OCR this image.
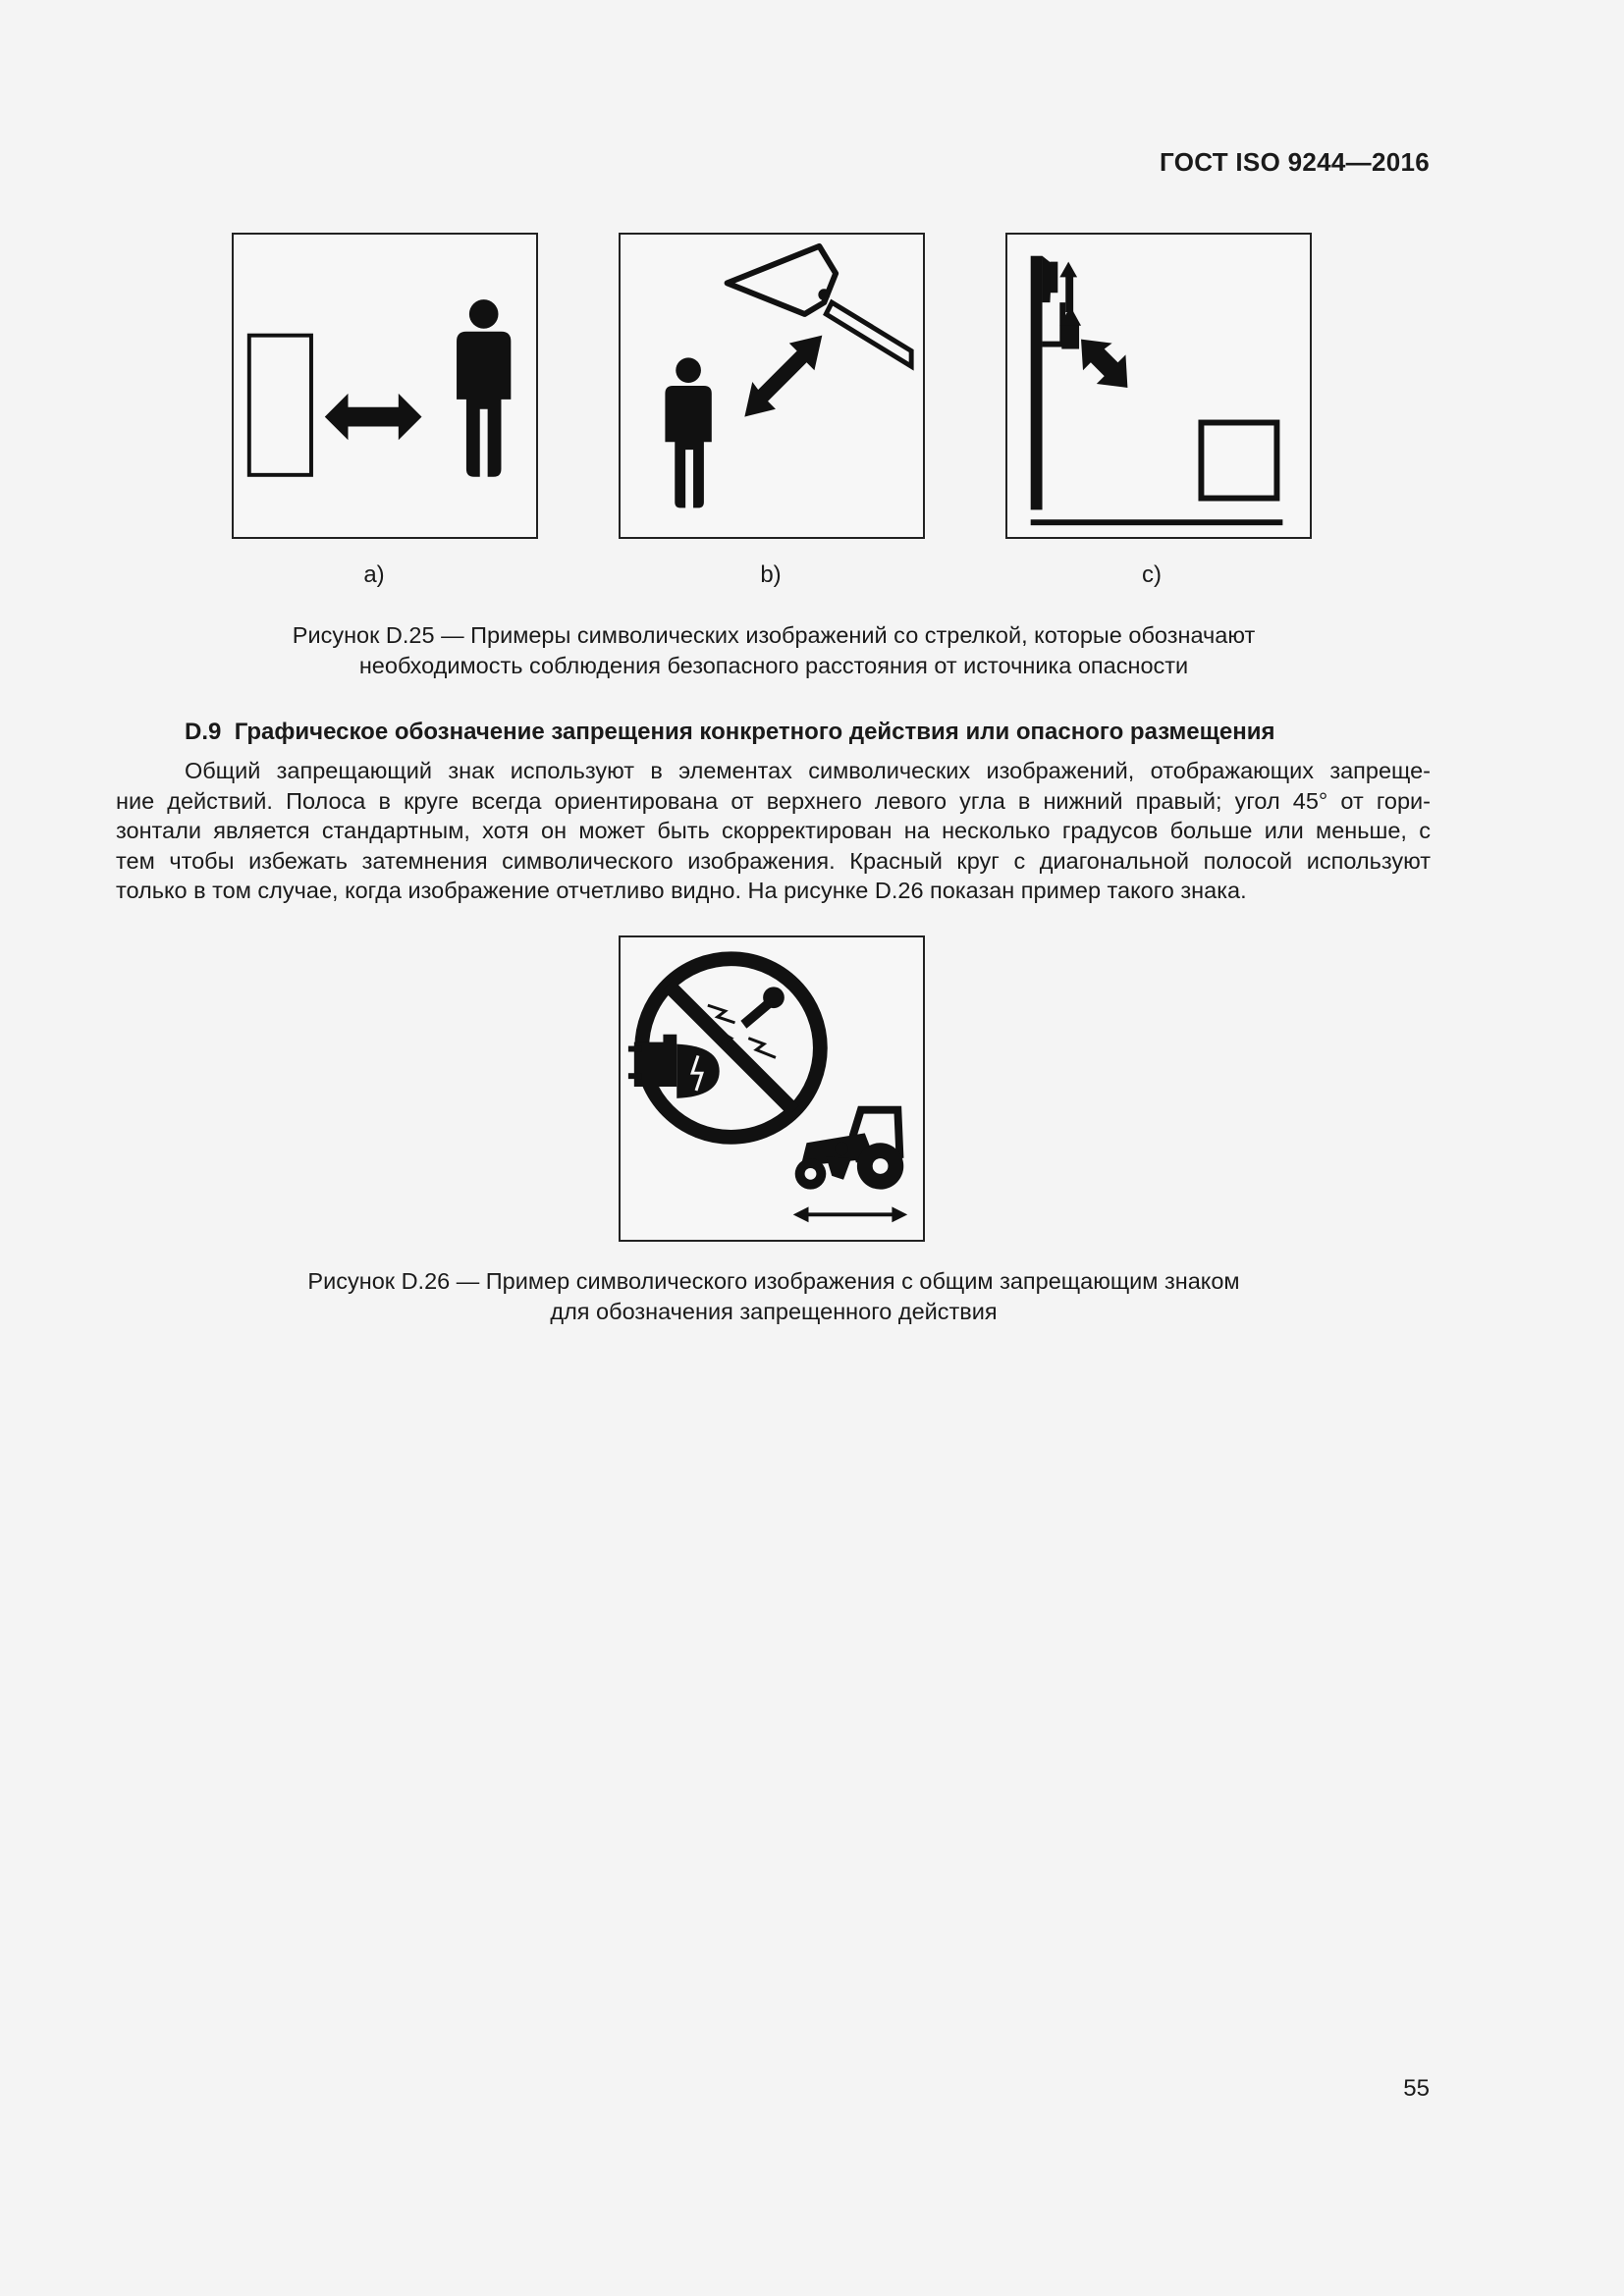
ГОСТ ISO 9244—2016
a)	b)	c)
Рисунок D.25 — Примеры символических изображений со стрелкой, которые обозначают
необходимость соблюдения безопасного расстояния от источника опасности
D.9 Графическое обозначение запрещения конкретного действия или опасного размещения
Общий запрещающий знак используют в элементах символических изображений, отображающих запреще-
ние действий. Полоса в круге всегда ориентирована от верхнего левого угла в нижний правый; угол 45° от гори-
зонтали является стандартным, хотя он может быть скорректирован на несколько градусов больше или меньше, с
тем чтобы избежать затемнения символического изображения. Красный круг с диагональной полосой используют
только в том случае, когда изображение отчетливо видно. На рисунке D.26 показан пример такого знака.
Рисунок D.26 — Пример символического изображения с общим запрещающим знаком
для обозначения запрещенного действия
55
